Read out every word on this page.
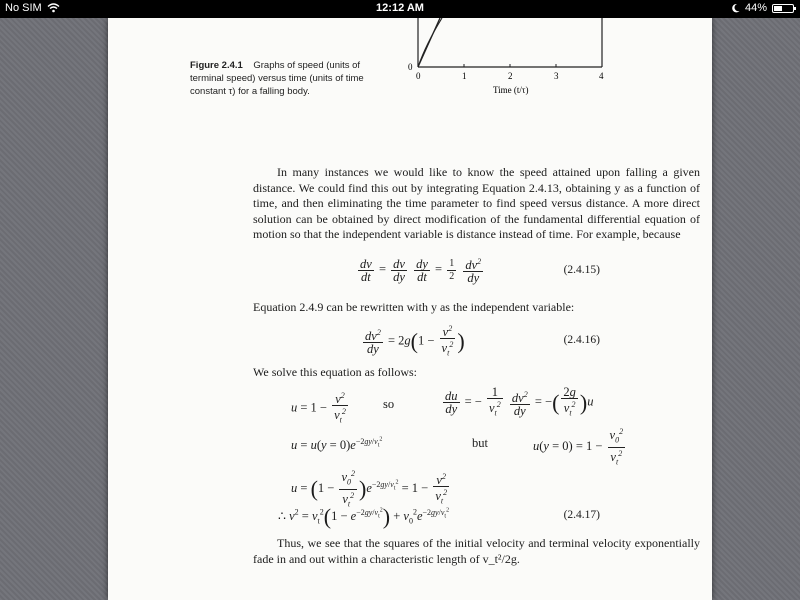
No SIM	12:12 AM	44%
Figure 2.4.1 Graphs of speed (units of terminal speed) versus time (units of time constant τ) for a falling body.
0
0	1	2	3	4
Time (t/τ)
In many instances we would like to know the speed attained upon falling a given distance. We could find this out by integrating Equation 2.4.13, obtaining y as a function of time, and then eliminating the time parameter to find speed versus distance. A more direct solution can be obtained by direct modification of the fundamental differential equation of motion so that the independent variable is distance instead of time. For example, because
$\frac{dv}{dt} = \frac{dv}{dy}$
$\frac{dy}{dt} = \frac{1}{2}$
$\frac{dv^2}{dy}$	(2.4.15)
Equation 2.4.9 can be rewritten with y as the independent variable:
$\frac{dv^2}{dy} = 2g(1 - \frac{v^2}{v_t^2}$ )	(2.4.16)
We solve this equation as follows:
$u = 1 - \frac{v^2}{v_t^2}$	so	$\frac{du}{dy}$ = − $\frac{1}{v_t^2}$
$\frac{dv^2}{dy}$ = −( $\frac{2g}{v_t^2} )u$
$u = u(y = 0)e^{-2gy/v_t^2}$	but	$u(y = 0) = 1 - \frac{v_0^2}{v_t^2}$
$u = (1 - \frac{v_0^2}{v_t^2} )e^{-2gy/v_t^2} = 1 - \frac{v^2}{v_t^2}$
∴ $v^2 = v_t^2(1 - e^{-2gy/v_t^2}) + v_0^2e^{-2gy/v_t^2}$	(2.4.17)
Thus, we see that the squares of the initial velocity and terminal velocity exponentially fade in and out within a characteristic length of v_t²/2g.
